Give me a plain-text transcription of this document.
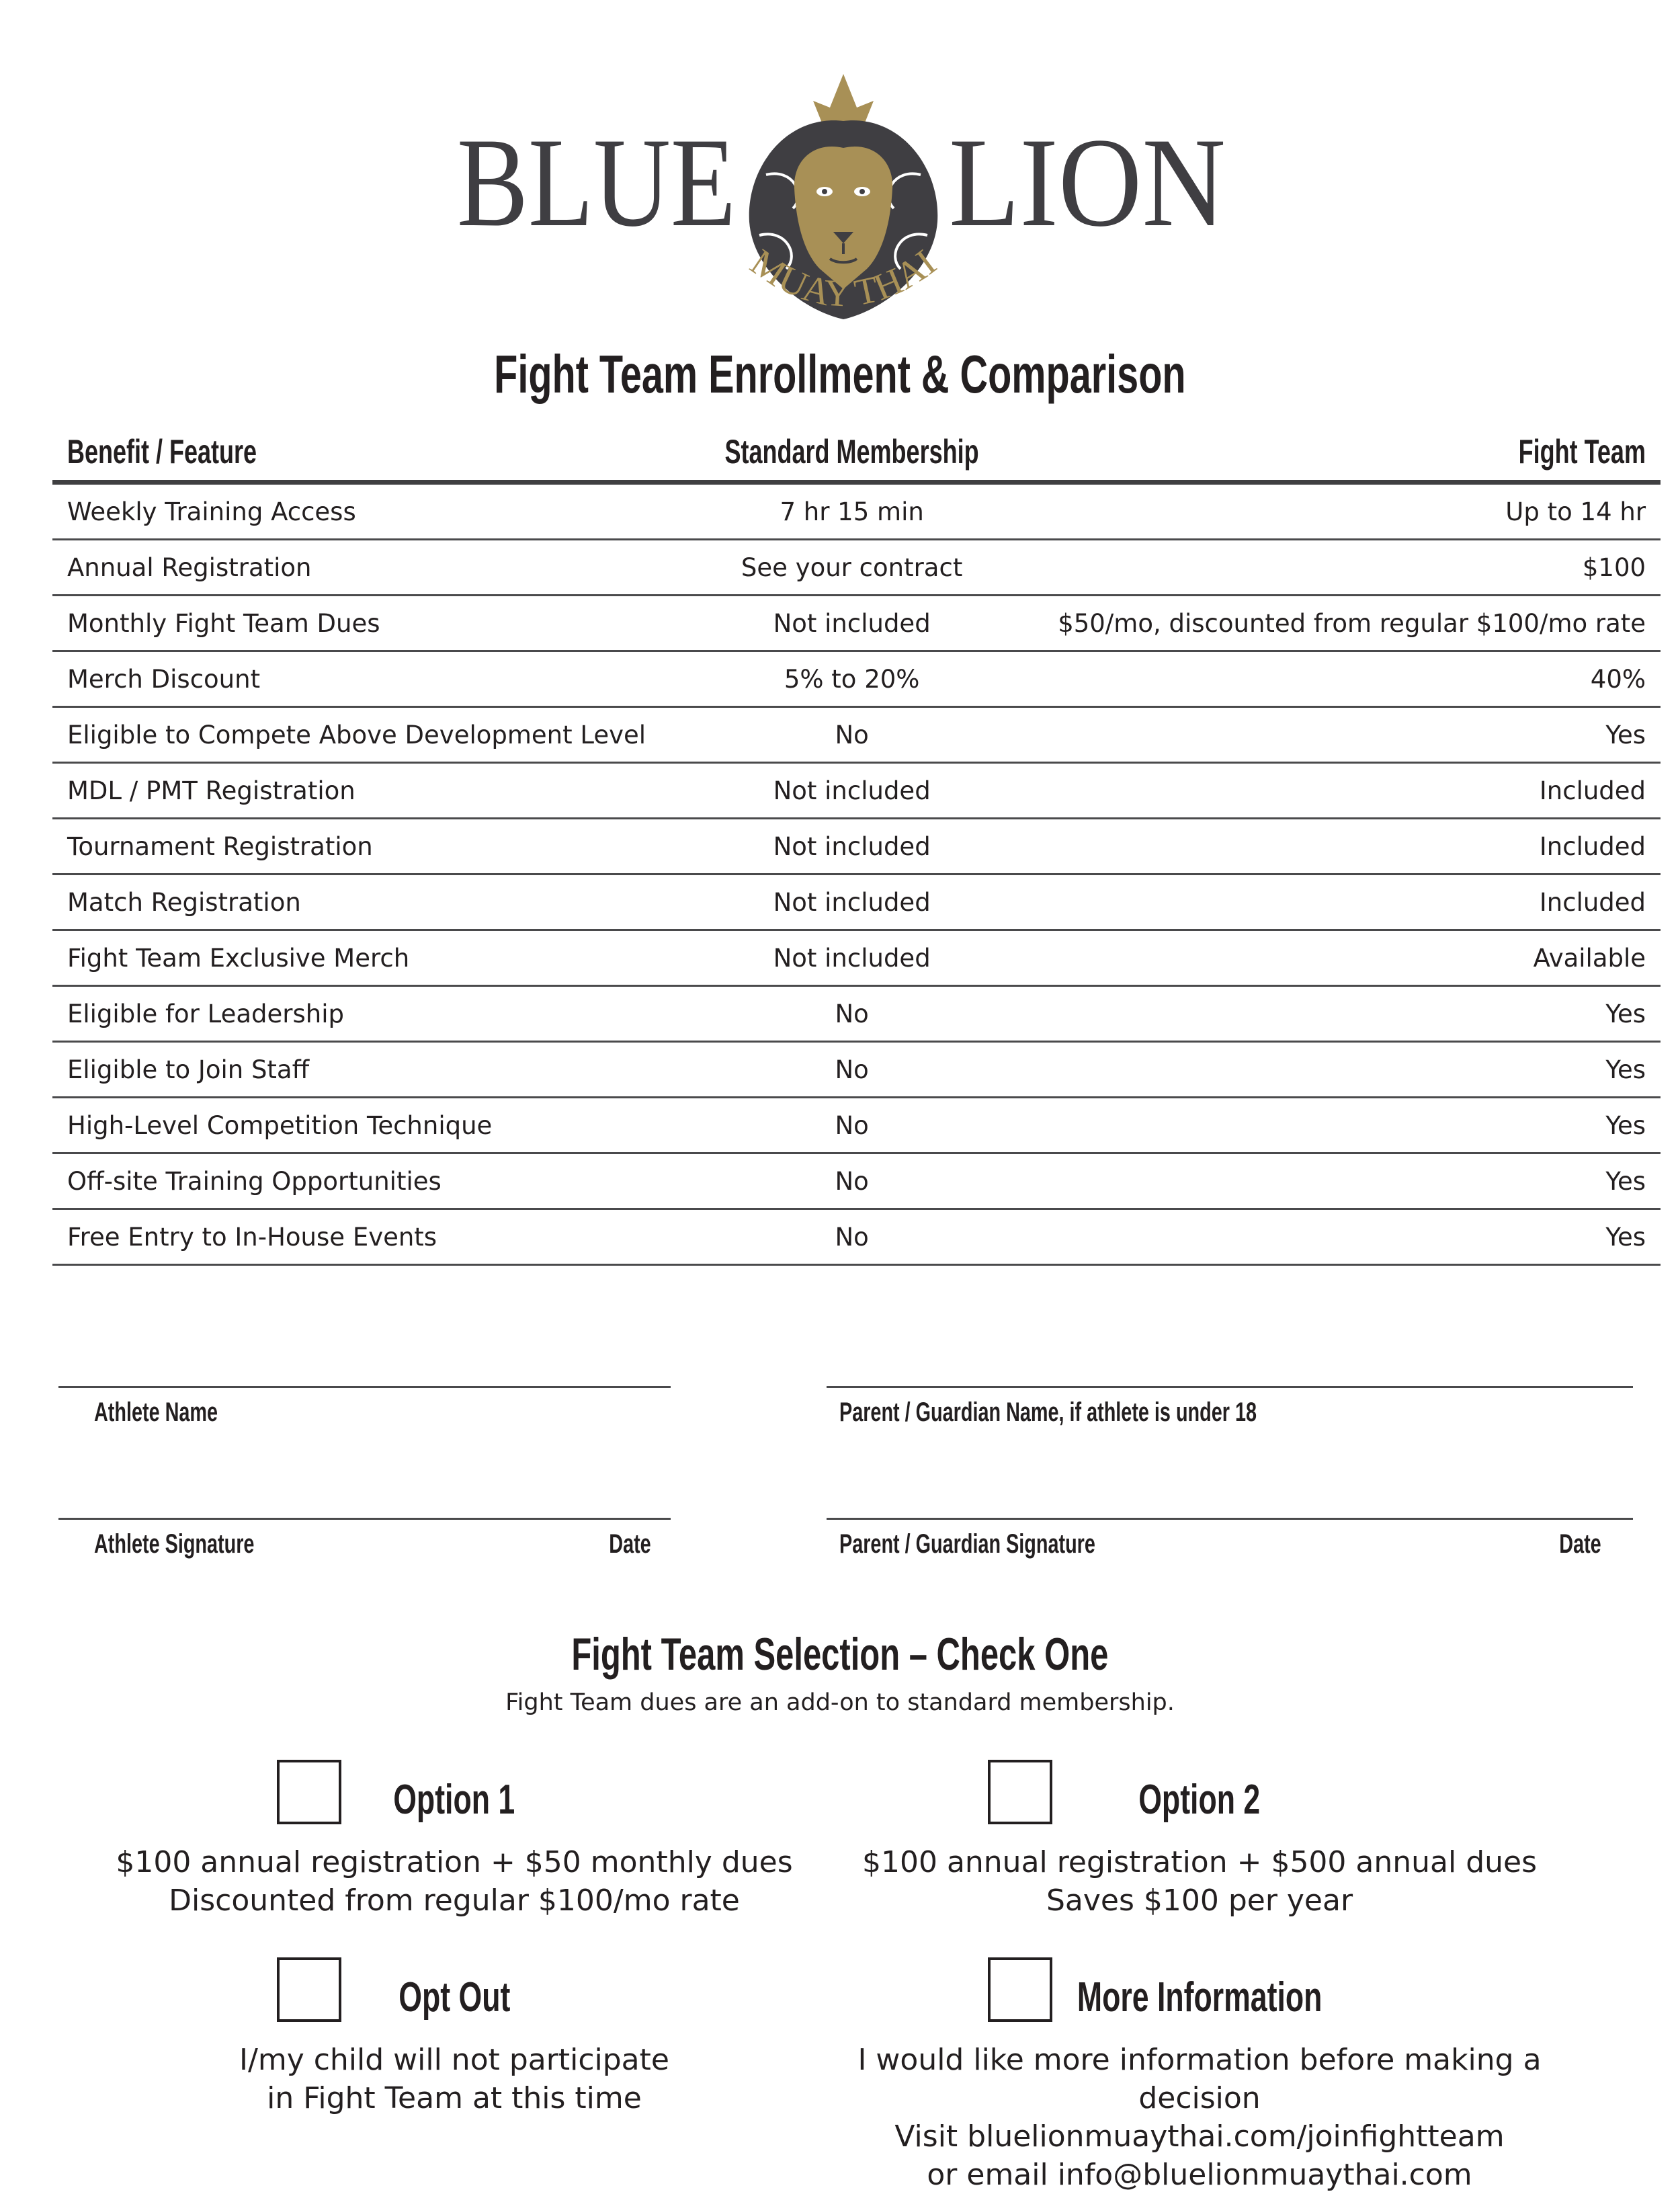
BLUE LION
MUAY THAI
Fight Team Enrollment & Comparison
Benefit / Feature	Standard Membership	Fight Team
Weekly Training Access	7 hr 15 min	Up to 14 hr
Annual Registration	See your contract	$100
Monthly Fight Team Dues	Not included	$50/mo, discounted from regular $100/mo rate
Merch Discount	5% to 20%	40%
Eligible to Compete Above Development Level	No	Yes
MDL / PMT Registration	Not included	Included
Tournament Registration	Not included	Included
Match Registration	Not included	Included
Fight Team Exclusive Merch	Not included	Available
Eligible for Leadership	No	Yes
Eligible to Join Staff	No	Yes
High-Level Competition Technique	No	Yes
Off-site Training Opportunities	No	Yes
Free Entry to In-House Events	No	Yes
Athlete Name	Parent / Guardian Name, if athlete is under 18
Athlete Signature	Date	Parent / Guardian Signature	Date
Fight Team Selection – Check One
Fight Team dues are an add-on to standard membership.
Option 1
$100 annual registration + $50 monthly dues
Discounted from regular $100/mo rate
Option 2
$100 annual registration + $500 annual dues
Saves $100 per year
Opt Out
I/my child will not participate
in Fight Team at this time
More Information
I would like more information before making a decision
Visit bluelionmuaythai.com/joinfightteam
or email info@bluelionmuaythai.com
